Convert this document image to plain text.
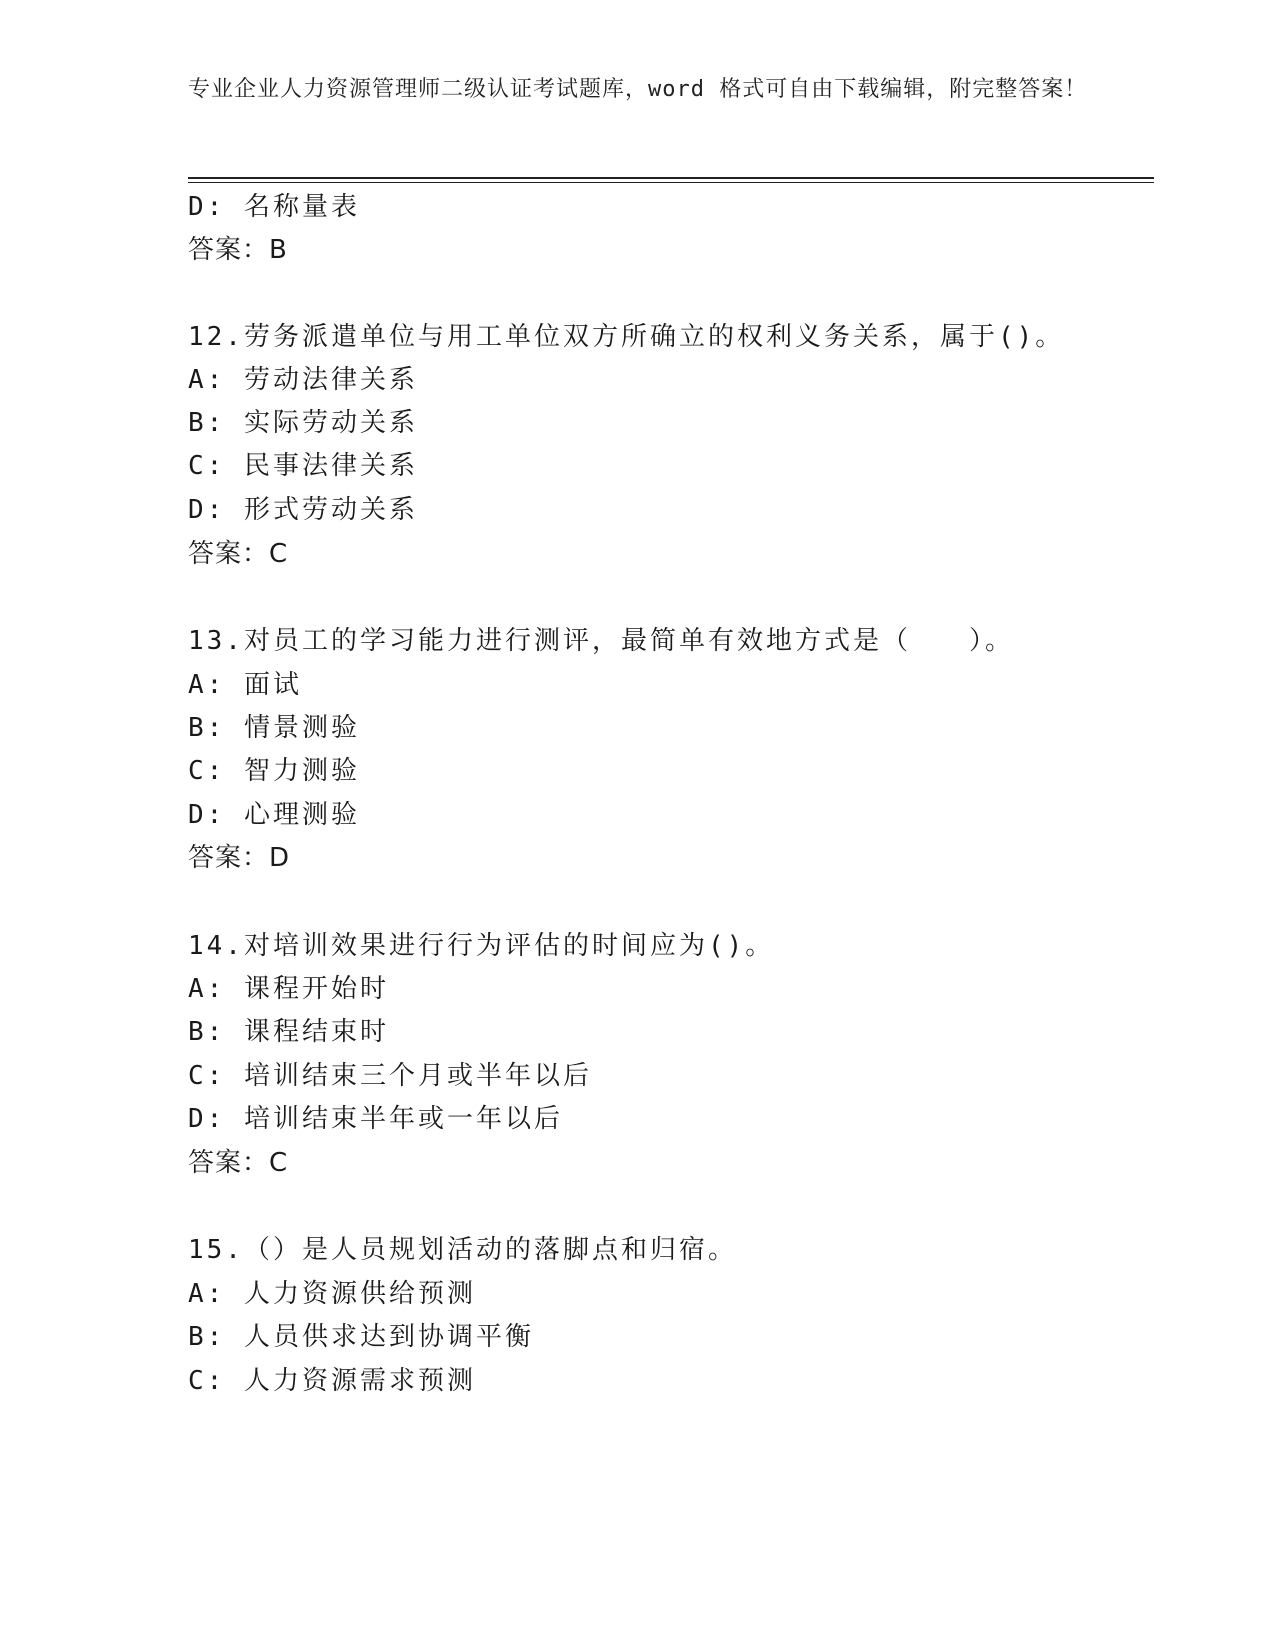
专业企业人力资源管理师二级认证考试题库，word 格式可自由下载编辑，附完整答案！
D: 名称量表
答案：B
12.劳务派遣单位与用工单位双方所确立的权利义务关系，属于()。
A: 劳动法律关系
B: 实际劳动关系
C: 民事法律关系
D: 形式劳动关系
答案：C
13.对员工的学习能力进行测评，最简单有效地方式是（　　）。
A: 面试
B: 情景测验
C: 智力测验
D: 心理测验
答案：D
14.对培训效果进行行为评估的时间应为()。
A: 课程开始时
B: 课程结束时
C: 培训结束三个月或半年以后
D: 培训结束半年或一年以后
答案：C
15.（）是人员规划活动的落脚点和归宿。
A: 人力资源供给预测
B: 人员供求达到协调平衡
C: 人力资源需求预测
